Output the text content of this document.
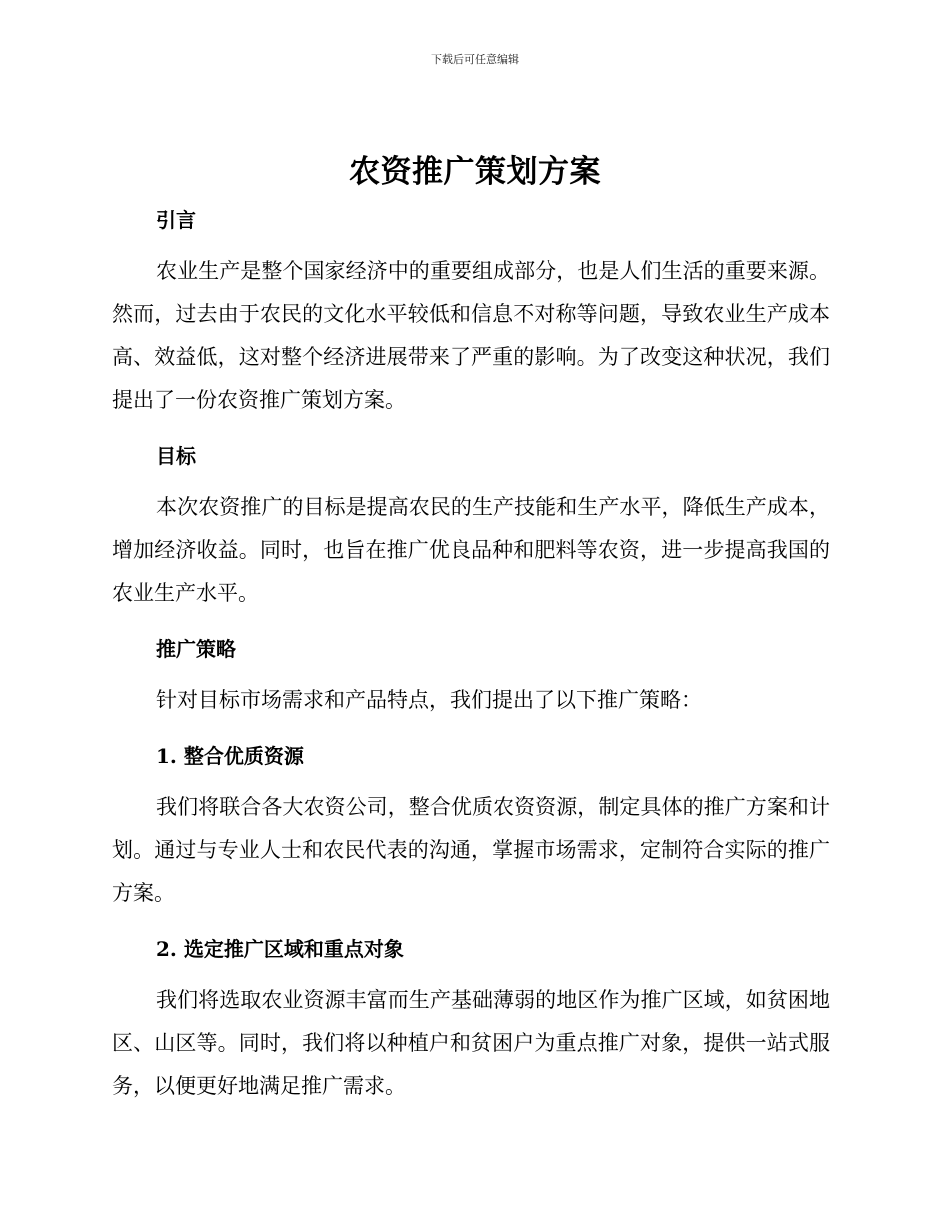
下载后可任意编辑
农资推广策划方案
引言

农业生产是整个国家经济中的重要组成部分，也是人们生活的重要来源。然而，过去由于农民的文化水平较低和信息不对称等问题，导致农业生产成本高、效益低，这对整个经济进展带来了严重的影响。为了改变这种状况，我们提出了一份农资推广策划方案。

目标

本次农资推广的目标是提高农民的生产技能和生产水平，降低生产成本，增加经济收益。同时，也旨在推广优良品种和肥料等农资，进一步提高我国的农业生产水平。

推广策略

针对目标市场需求和产品特点，我们提出了以下推广策略：

1. 整合优质资源

我们将联合各大农资公司，整合优质农资资源，制定具体的推广方案和计划。通过与专业人士和农民代表的沟通，掌握市场需求，定制符合实际的推广方案。

2. 选定推广区域和重点对象

我们将选取农业资源丰富而生产基础薄弱的地区作为推广区域，如贫困地区、山区等。同时，我们将以种植户和贫困户为重点推广对象，提供一站式服务，以便更好地满足推广需求。
